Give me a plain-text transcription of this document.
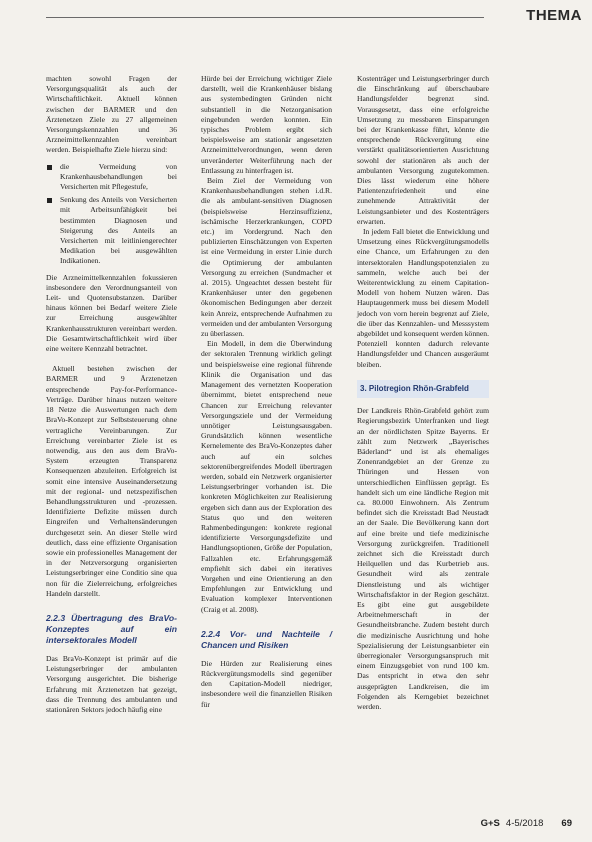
THEMA

machten sowohl Fragen der Versorgungsqualität als auch der Wirtschaftlichkeit. Aktuell können zwischen der BARMER und den Ärztenetzen Ziele zu 27 allgemeinen Versorgungskennzahlen und 36 Arzneimittelkennzahlen vereinbart werden. Beispielhafte Ziele hierzu sind:

die Vermeidung von Krankenhausbehandlungen bei Versicherten mit Pflegestufe,
Senkung des Anteils von Versicherten mit Arbeitsunfähigkeit bei bestimmten Diagnosen und Steigerung des Anteils an Versicherten mit leitliniengerechter Medikation bei ausgewählten Indikationen.

Die Arzneimittelkennzahlen fokussieren insbesondere den Verordnungsanteil von Leit- und Quotensubstanzen. Darüber hinaus können bei Bedarf weitere Ziele zur Erreichung ausgewählter Krankenhausstrukturen vereinbart werden. Die Gesamtwirtschaftlichkeit wird über eine weitere Kennzahl betrachtet.

Aktuell bestehen zwischen der BARMER und 9 Ärztenetzen entsprechende Pay-for-Performance-Verträge. Darüber hinaus nutzen weitere 18 Netze die Auswertungen nach dem BraVo-Konzept zur Selbststeuerung ohne vertragliche Vereinbarungen. Zur Erreichung vereinbarter Ziele ist es notwendig, aus den aus dem BraVo-System erzeugten Transparenz Konsequenzen abzuleiten. Erfolgreich ist somit eine intensive Auseinandersetzung mit der regional- und netzspezifischen Behandlungsstrukturen und -prozessen. Identifizierte Defizite müssen durch Eingreifen und Verhaltensänderungen durchgesetzt sein. An dieser Stelle wird deutlich, dass eine effiziente Organisation sowie ein professionelles Management der in der Netzversorgung organisierten Leistungserbringer eine Conditio sine qua non für die Zielerreichung, erfolgreiches Handeln darstellt.

2.2.3 Übertragung des BraVo-Konzeptes auf ein intersektorales Modell

Das BraVo-Konzept ist primär auf die Leistungserbringer der ambulanten Versorgung ausgerichtet. Die bisherige Erfahrung mit Ärztenetzen hat gezeigt, dass die Trennung des ambulanten und stationären Sektors jedoch häufig eine

Hürde bei der Erreichung wichtiger Ziele darstellt, weil die Krankenhäuser bislang aus systembedingten Gründen nicht substantiell in die Netzorganisation eingebunden werden konnten. Ein typisches Problem ergibt sich beispielsweise am stationär angesetzten Arzneimittelverordnungen, wenn deren unveränderter Weiterführung nach der Entlassung zu hinterfragen ist.

Beim Ziel der Vermeidung von Krankenhausbehandlungen stehen i.d.R. die als ambulant-sensitiven Diagnosen (beispielsweise Herzinsuffizienz, ischämische Herzerkrankungen, COPD etc.) im Vordergrund. Nach den publizierten Einschätzungen von Experten ist eine Vermeidung in erster Linie durch die Optimierung der ambulanten Versorgung zu erreichen (Sundmacher et al. 2015). Ungeachtet dessen besteht für Krankenhäuser unter den gegebenen ökonomischen Bedingungen aber derzeit kein Anreiz, entsprechende Aufnahmen zu vermeiden und der ambulanten Versorgung zu überlassen.

Ein Modell, in dem die Überwindung der sektoralen Trennung wirklich gelingt und beispielsweise eine regional führende Klinik die Organisation und das Management des vernetzten Kooperation übernimmt, bietet entsprechend neue Chancen zur Erreichung relevanter Versorgungsziele und der Vermeidung unnötiger Leistungsausgaben. Grundsätzlich können wesentliche Kernelemente des BraVo-Konzeptes daher auch auf ein solches sektorenübergreifendes Modell übertragen werden, sobald ein Netzwerk organisierter Leistungserbringer vorhanden ist. Die konkreten Möglichkeiten zur Realisierung ergeben sich dann aus der Exploration des Status quo und den weiteren Rahmenbedingungen: konkrete regional identifizierte Versorgungsdefizite und Handlungsoptionen, Größe der Population, Fallzahlen etc. Erfahrungsgemäß empfiehlt sich dabei ein iteratives Vorgehen und eine Orientierung an den Empfehlungen zur Entwicklung und Evaluation komplexer Interventionen (Craig et al. 2008).

2.2.4 Vor- und Nachteile / Chancen und Risiken

Die Hürden zur Realisierung eines Rückvergütungsmodells sind gegenüber den Capitation-Modell niedriger, insbesondere weil die finanziellen Risiken für

Kostenträger und Leistungserbringer durch die Einschränkung auf überschaubare Handlungsfelder begrenzt sind. Vorausgesetzt, dass eine erfolgreiche Umsetzung zu messbaren Einsparungen bei der Krankenkasse führt, könnte die entsprechende Rückvergütung eine verstärkt qualitätsorientierten Ausrichtung sowohl der stationären als auch der ambulanten Versorgung zugutekommen. Dies lässt wiederum eine höhere Patientenzufriedenheit und eine zunehmende Attraktivität der Leistungsanbieter und des Kostenträgers erwarten.

In jedem Fall bietet die Entwicklung und Umsetzung eines Rückvergütungsmodells eine Chance, um Erfahrungen zu den intersektoralen Handlungspotenzialen zu sammeln, welche auch bei der Weiterentwicklung zu einem Capitation-Modell von hohem Nutzen wären. Das Hauptaugenmerk muss bei diesem Modell jedoch von vorn herein begrenzt auf Ziele, die über das Kennzahlen- und Messsystem abgebildet und konsequent werden können. Potenziell konnten dadurch relevante Handlungsfelder und Chancen ausgeräumt bleiben.

3. Pilotregion Rhön-Grabfeld

Der Landkreis Rhön-Grabfeld gehört zum Regierungsbezirk Unterfranken und liegt an der nördlichsten Spitze Bayerns. Er zählt zum Netzwerk „Bayerisches Bäderland“ und ist als ehemaliges Zonenrandgebiet an der Grenze zu Thüringen und Hessen von unterschiedlichen Einflüssen geprägt. Es handelt sich um eine ländliche Region mit ca. 80.000 Einwohnern. Als Zentrum befindet sich die Kreisstadt Bad Neustadt an der Saale. Die Bevölkerung kann dort auf eine breite und tiefe medizinische Versorgung zurückgreifen. Traditionell zeichnet sich die Kreisstadt durch Heilquellen und das Kurbetrieb aus. Gesundheit wird als zentrale Dienstleistung und als wichtiger Wirtschaftsfaktor in der Region geschätzt. Es gibt eine gut ausgebildete Arbeitnehmerschaft in der Gesundheitsbranche. Zudem besteht durch die medizinische Ausrichtung und hohe Spezialisierung der Leistungsanbieter ein überregionaler Versorgungsanspruch mit einem Einzugsgebiet von rund 100 km. Das entspricht in etwa den sehr ausgeprägten Landkreisen, die im Folgenden als Kerngebiet bezeichnet werden.

G+S 4-5/2018 69
